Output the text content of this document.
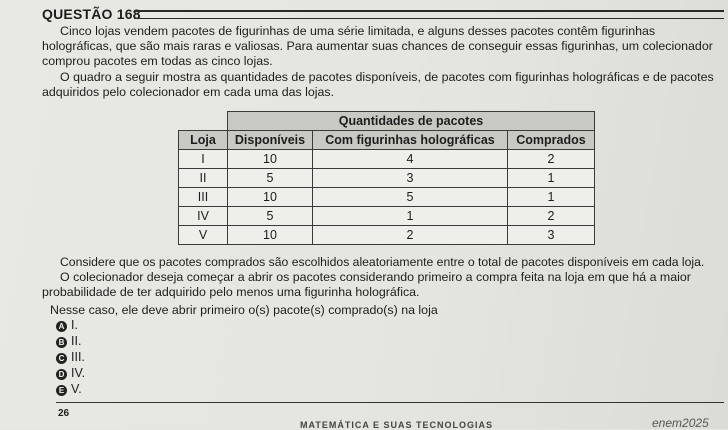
QUESTÃO 168
Cinco lojas vendem pacotes de figurinhas de uma série limitada, e alguns desses pacotes contêm figurinhas holográficas, que são mais raras e valiosas. Para aumentar suas chances de conseguir essas figurinhas, um colecionador comprou pacotes em todas as cinco lojas.
O quadro a seguir mostra as quantidades de pacotes disponíveis, de pacotes com figurinhas holográficas e de pacotes adquiridos pelo colecionador em cada uma das lojas.
	Quantidades de pacotes		
Loja	Disponíveis	Com figurinhas holográficas	Comprados
I	10	4	2
II	5	3	1
III	10	5	1
IV	5	1	2
V	10	2	3
Considere que os pacotes comprados são escolhidos aleatoriamente entre o total de pacotes disponíveis em cada loja.
O colecionador deseja começar a abrir os pacotes considerando primeiro a compra feita na loja em que há a maior probabilidade de ter adquirido pelo menos uma figurinha holográfica.
Nesse caso, ele deve abrir primeiro o(s) pacote(s) comprado(s) na loja
A I.
B II.
C III.
D IV.
E V.
26
MATEMÁTICA E SUAS TECNOLOGIAS	enem2025
